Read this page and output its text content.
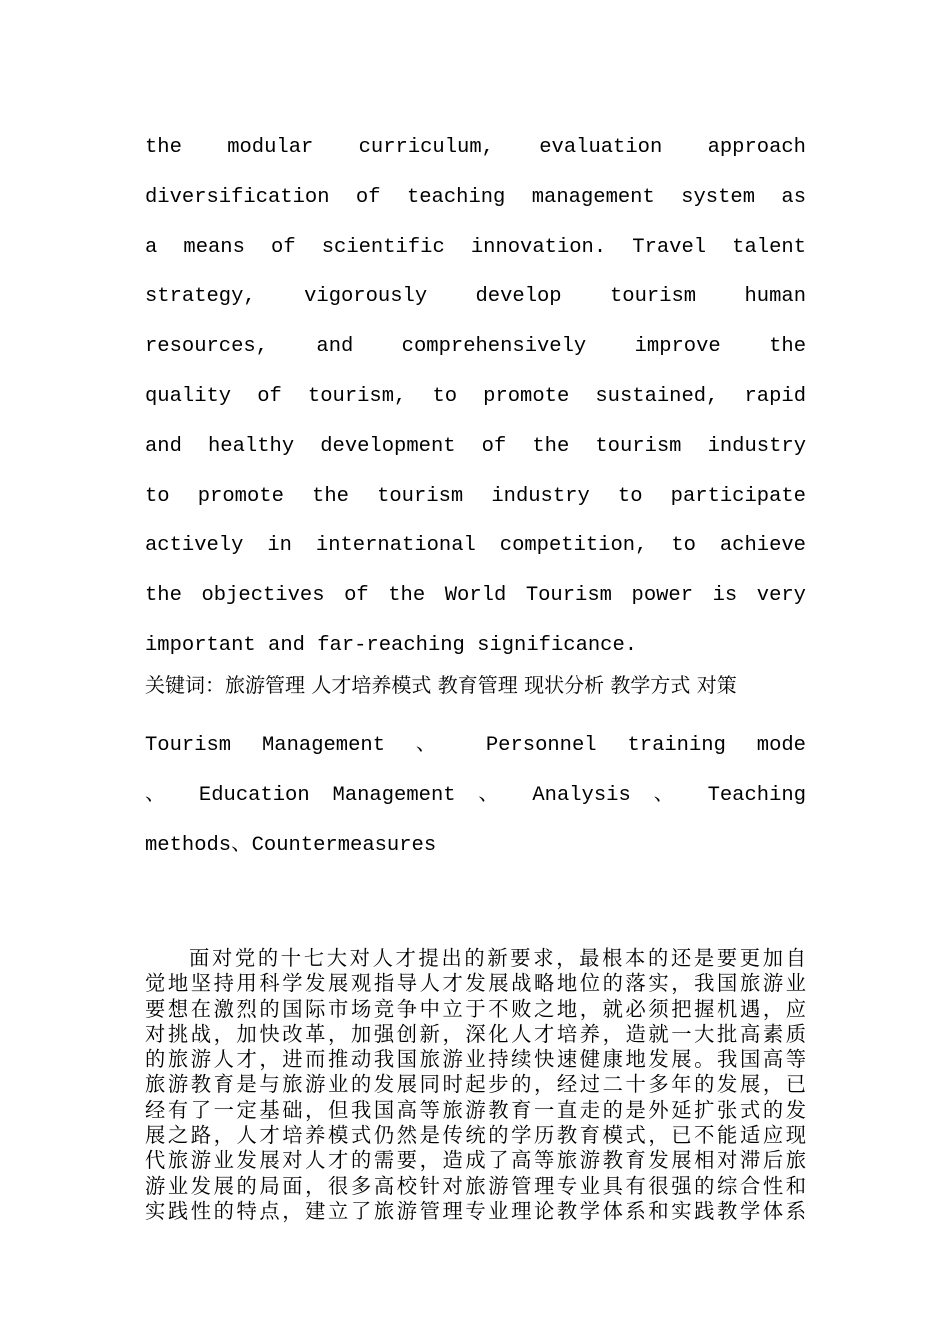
the modular curriculum, evaluation approach
diversification of teaching management system as
a means of scientific innovation. Travel talent
strategy, vigorously develop tourism human
resources, and comprehensively improve the
quality of tourism, to promote sustained, rapid
and healthy development of the tourism industry
to promote the tourism industry to participate
actively in international competition, to achieve
the objectives of the World Tourism power is very
important and far-reaching significance.
关键词：旅游管理 人才培养模式 教育管理 现状分析 教学方式 对策
Tourism Management 、 Personnel training mode
、 Education Management 、 Analysis 、 Teaching
methods、Countermeasures
面对党的十七大对人才提出的新要求，最根本的还是要更加自
觉地坚持用科学发展观指导人才发展战略地位的落实，我国旅游业
要想在激烈的国际市场竞争中立于不败之地，就必须把握机遇，应
对挑战，加快改革，加强创新，深化人才培养，造就一大批高素质
的旅游人才，进而推动我国旅游业持续快速健康地发展。我国高等
旅游教育是与旅游业的发展同时起步的，经过二十多年的发展，已
经有了一定基础，但我国高等旅游教育一直走的是外延扩张式的发
展之路，人才培养模式仍然是传统的学历教育模式，已不能适应现
代旅游业发展对人才的需要，造成了高等旅游教育发展相对滞后旅
游业发展的局面，很多高校针对旅游管理专业具有很强的综合性和
实践性的特点，建立了旅游管理专业理论教学体系和实践教学体系
